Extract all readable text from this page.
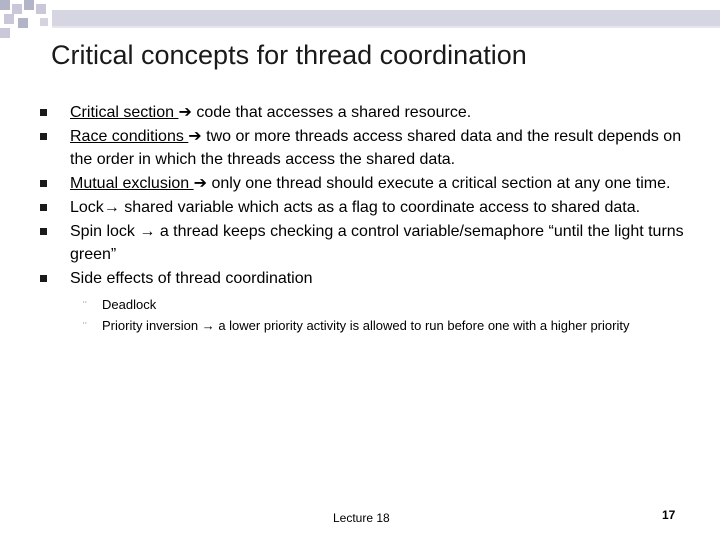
Critical concepts for thread coordination
Critical section ➔ code that accesses a shared resource.
Race conditions ➔ two or more threads access shared data and the result depends on the order in which the threads access the shared data.
Mutual exclusion ➔ only one thread should execute a critical section at any one time.
Lock→ shared variable which acts as a flag to coordinate access to shared data.
Spin lock → a thread keeps checking a control variable/semaphore “until the light turns green”
Side effects of thread coordination
¨ Deadlock
¨ Priority inversion → a lower priority activity is allowed to run before one with a higher priority
Lecture 18	17
